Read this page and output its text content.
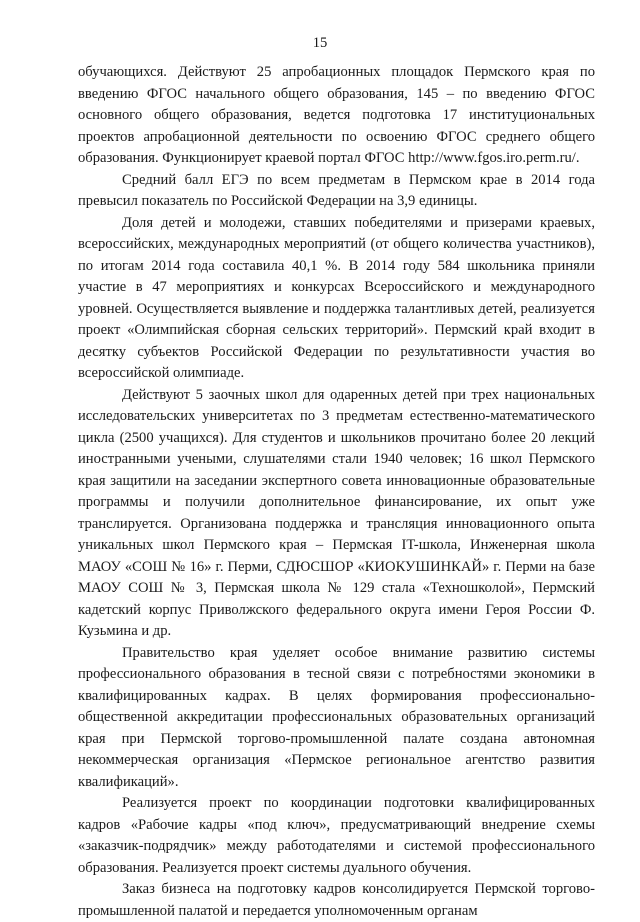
15

обучающихся. Действуют 25 апробационных площадок Пермского края по введению ФГОС начального общего образования, 145 – по введению ФГОС основного общего образования, ведется подготовка 17 институциональных проектов апробационной деятельности по освоению ФГОС среднего общего образования. Функционирует краевой портал ФГОС http://www.fgos.iro.perm.ru/.

Средний балл ЕГЭ по всем предметам в Пермском крае в 2014 года превысил показатель по Российской Федерации на 3,9 единицы.

Доля детей и молодежи, ставших победителями и призерами краевых, всероссийских, международных мероприятий (от общего количества участников), по итогам 2014 года составила 40,1 %. В 2014 году 584 школьника приняли участие в 47 мероприятиях и конкурсах Всероссийского и международного уровней. Осуществляется выявление и поддержка талантливых детей, реализуется проект «Олимпийская сборная сельских территорий». Пермский край входит в десятку субъектов Российской Федерации по результативности участия во всероссийской олимпиаде.

Действуют 5 заочных школ для одаренных детей при трех национальных исследовательских университетах по 3 предметам естественно-математического цикла (2500 учащихся). Для студентов и школьников прочитано более 20 лекций иностранными учеными, слушателями стали 1940 человек; 16 школ Пермского края защитили на заседании экспертного совета инновационные образовательные программы и получили дополнительное финансирование, их опыт уже транслируется. Организована поддержка и трансляция инновационного опыта уникальных школ Пермского края – Пермская IT-школа, Инженерная школа МАОУ «СОШ № 16» г. Перми, СДЮСШОР «КИОКУШИНКАЙ» г. Перми на базе МАОУ СОШ № 3, Пермская школа № 129 стала «Техношколой», Пермский кадетский корпус Приволжского федерального округа имени Героя России Ф. Кузьмина и др.

Правительство края уделяет особое внимание развитию системы профессионального образования в тесной связи с потребностями экономики в квалифицированных кадрах. В целях формирования профессионально-общественной аккредитации профессиональных образовательных организаций края при Пермской торгово-промышленной палате создана автономная некоммерческая организация «Пермское региональное агентство развития квалификаций».

Реализуется проект по координации подготовки квалифицированных кадров «Рабочие кадры «под ключ», предусматривающий внедрение схемы «заказчик-подрядчик» между работодателями и системой профессионального образования. Реализуется проект системы дуального обучения.

Заказ бизнеса на подготовку кадров консолидируется Пермской торгово-промышленной палатой и передается уполномоченным органам
